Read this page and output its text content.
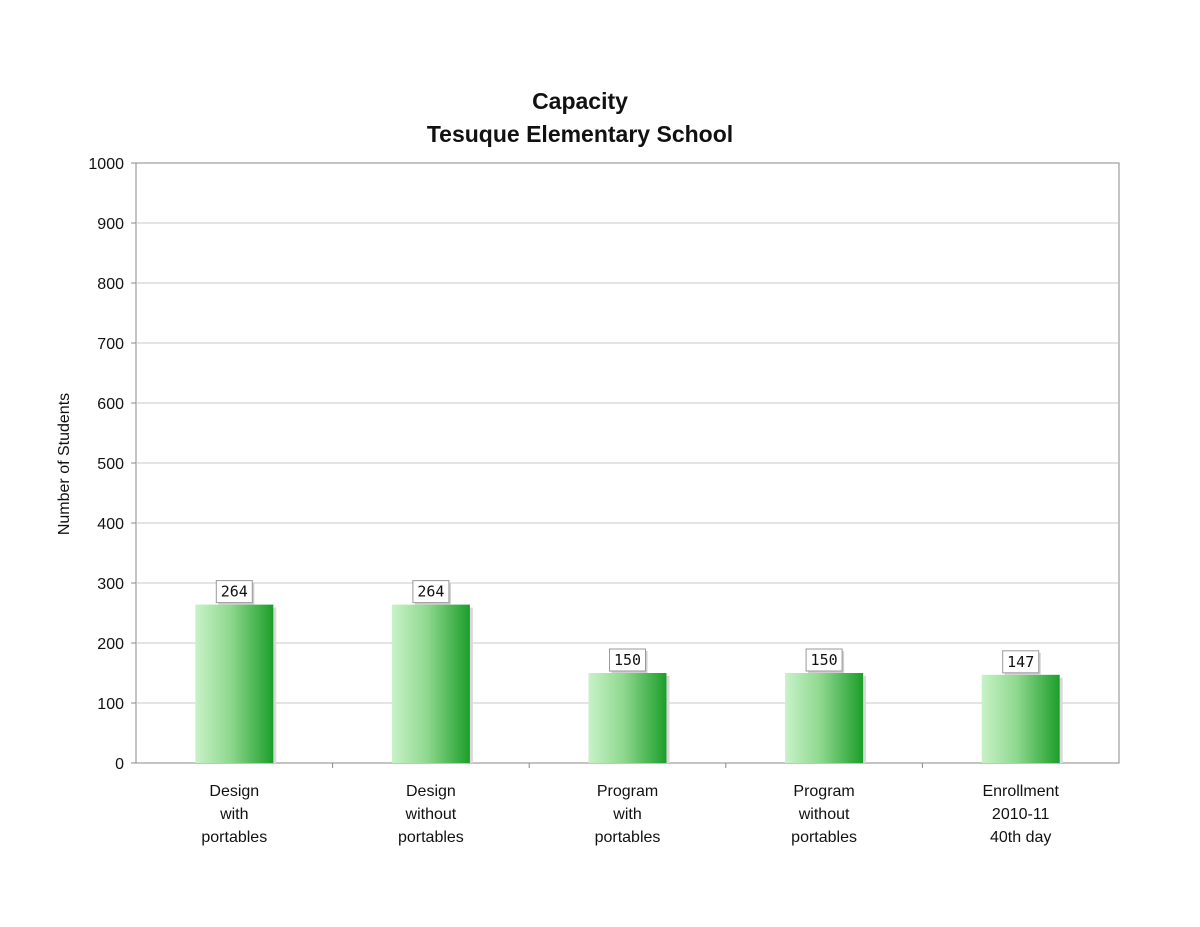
Capacity
Tesuque Elementary School
Number of Students
0
100
200
300
400
500
600
700
800
900
1000
Design with portables
Design without portables
Program with portables
Program without portables
Enrollment 2010-11 40th day
264	264
150	150	147
